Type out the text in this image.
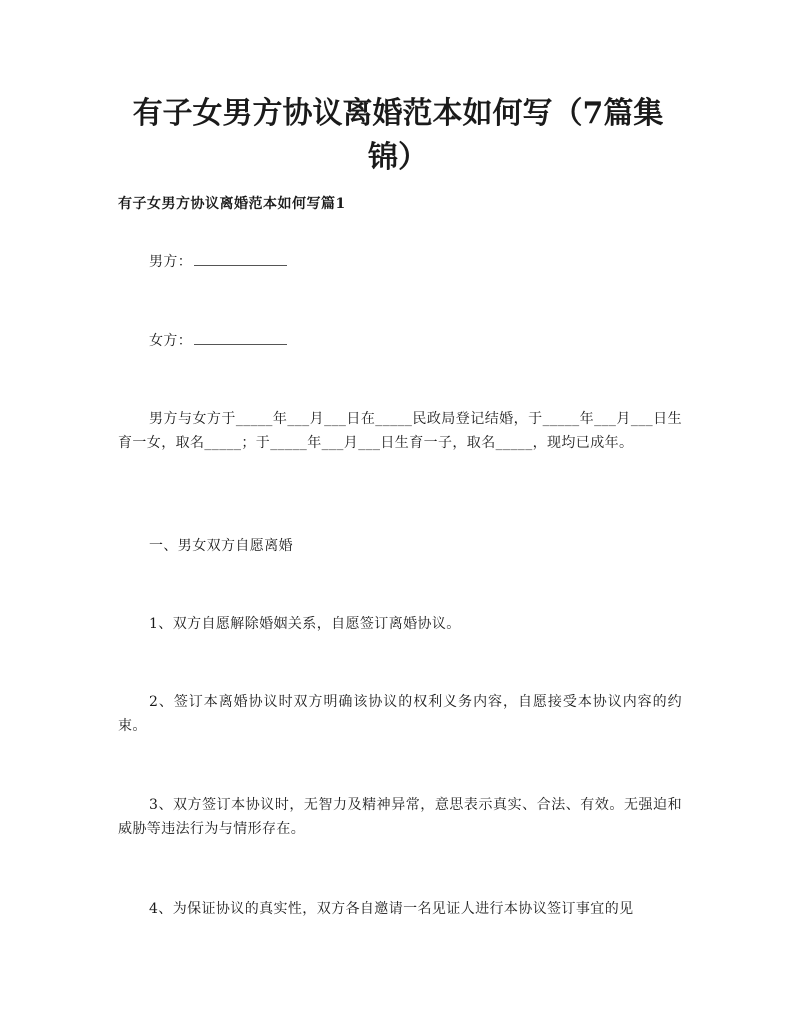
有子女男方协议离婚范本如何写（7篇集
锦）

有子女男方协议离婚范本如何写篇1

男方：

女方：

男方与女方于_____年___月___日在_____民政局登记结婚，于_____年___月___日生育一女，取名_____；于_____年___月___日生育一子，取名_____，现均已成年。

一、男女双方自愿离婚

1、双方自愿解除婚姻关系，自愿签订离婚协议。

2、签订本离婚协议时双方明确该协议的权利义务内容，自愿接受本协议内容的约束。

3、双方签订本协议时，无智力及精神异常，意思表示真实、合法、有效。无强迫和威胁等违法行为与情形存在。

4、为保证协议的真实性，双方各自邀请一名见证人进行本协议签订事宜的见
